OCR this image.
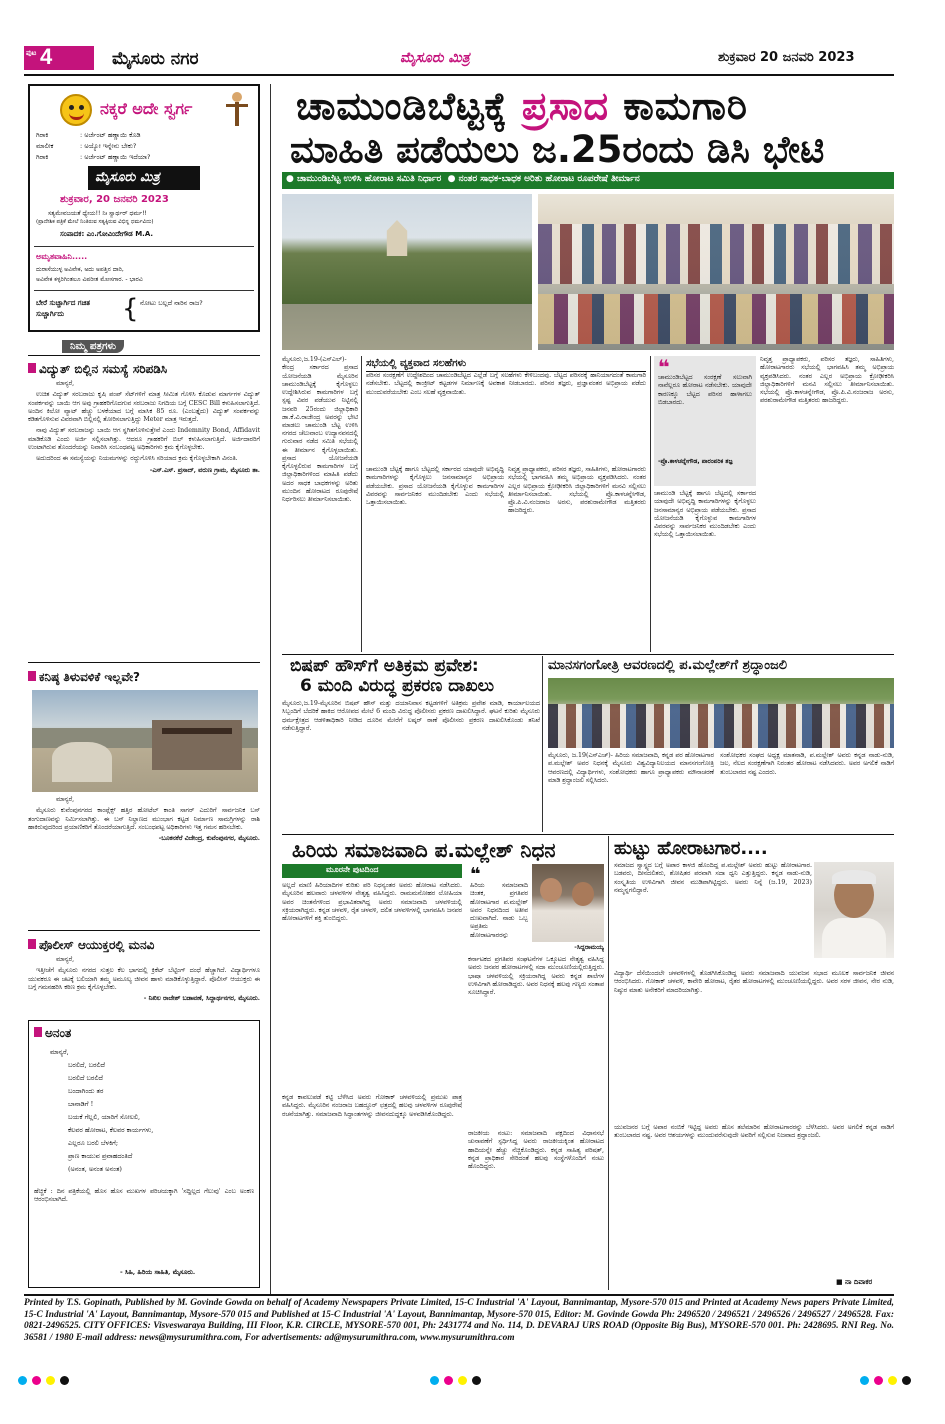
ಪುಟ 4	ಮೈಸೂರು ನಗರ	ಮೈಸೂರು ಮಿತ್ರ	ಶುಕ್ರವಾರ 20 ಜನವರಿ 2023
ನಕ್ಕರೆ ಅದೇ ಸ್ವರ್ಗ
ಗಿರಾಕಿ	: ಅರ್ಜೆಂಟ್ ಹಣ್ಣಾಯಿ ಕೊಡಿ
ಮಾಲೀಕ	: ಅಯ್ಯೋ ಇನ್ನೇನು ಬೇಕು?
ಗಿರಾಕಿ	: ಅರ್ಜೆಂಟ್ ಹಣ್ಣಾಯಿ ಇದೆಯಾ?
ಮೈಸೂರು ಮಿತ್ರ
ಶುಕ್ರವಾರ, 20 ಜನವರಿ 2023
ಸತ್ಯಮೇವಜಯತೆ ಧ್ಯೇಯ!! ನಿಃ ಸ್ವಾರ್ಥರ್ ಧರ್ಮ!!
(ಪ್ರಾದೇಶಿಕ ಪತ್ರಿಕೆ ಮೇಲೆ ನಿಂತಿರುವ ಸತ್ಯಕ್ಕಿರುವ ವಿಭಿನ್ನ ಧರ್ಮವಿದು)
ಸಂಪಾದಕ: ಎಂ.ಗೋವಿಂದೇಗೌಡ M.A.
ಅಮೃತವಾಹಿನಿ.....
ದುರಾಸೆಯುಳ್ಳ ಅವಿವೇಕ, ಅದು ಅಪತ್ತಿನ ದಾರಿ,
ಅವಿವೇಕ ಕಳ್ಳರಿಗಿಂತಲೂ ವಿಪರೀತ ಮೋಸಗಾರ. - ಭಾರವಿ
ಬೇರೆ ಸುಚ್ಚಾರ್ಗಿದ ಗಚಿತ ಸುಚ್ಚಾರ್ಗಿದು	{ ನೋಟು ಬಲ್ಲದೆ ನಾರಿನ ರಾಜ?
ನಿಮ್ಮ ಪತ್ರಗಳು
ವಿದ್ಯುತ್ ಬಿಲ್ಲಿನ ಸಮಸ್ಯೆ ಸರಿಪಡಿಸಿ

ಮಾನ್ಯರೆ,

ಉಚಿತ ವಿದ್ಯುತ್ ಸರಬರಾಜು ಕೃಷಿ ಪಂಪ್ ಸೆಟ್‌ಗಳಿಗೆ ಮಾತ್ರ ಸೀಮಿತ ಗೊಳಿಸಿ ಕೊಡುವ ಮಾರ್ಗಗಳ ವಿದ್ಯುತ್ ಸಂಪರ್ಕವನ್ನು ಬಾಯಿ ಆಗ ಅವು ಗ್ರಾಹಕರಿಗೊದಗುವ ಸರಬರಾಜು ನಿಗದಿಯ ಬಗ್ಗೆ CESC Bill ಕಳುಹಿಸಲಾಗುತ್ತಿದೆ. ಅಂದಿನ ಕಿಲೋ ವ್ಯಾಟ್ ಹೆಚ್ಚು ಬಳಕೆಯಾದ ಬಗ್ಗೆ ಮಾಸಿಕ 85 ರೂ. (ಎಂಬತ್ತೈದು) ವಿದ್ಯುತ್ ಸಂಪರ್ಕವನ್ನು ಕಡಿತಗೊಳಿಸುವ ವಿವರವಾಗಿ ಬಿಲ್ಲಿನಲ್ಲಿ ತೋರಿಸಲಾಗುತ್ತಿದ್ದು Meter ಮಾತ್ರ ಇರುತ್ತದೆ.

ನಾವು ವಿದ್ಯುತ್ ಸರಬರಾಜನ್ನು ಬಾಯಿ ಆಗ ಸ್ಥಗಿತಗೊಳಿಸುತ್ತೇವೆ ಎಂದು Indemnity Bond, Affidavit ಮಾಡಿಕೊಡಿ ಎಂದು ಅರ್ಜಿ ಸಲ್ಲಿಸಲಾಗಿತ್ತು. ಆದರೂ ಗ್ರಾಹಕರಿಗೆ ಬಿಲ್ ಕಳುಹಿಸಲಾಗುತ್ತಿದೆ. ಅರ್ಜಿದಾರರಿಗೆ ಉಂಟಾಗಿರುವ ತೊಂದರೆಯನ್ನು ನಿವಾರಿಸಿ ಸಂಬಂಧಪಟ್ಟ ಅಧಿಕಾರಿಗಳು ಕ್ರಮ ಕೈಗೊಳ್ಳಬೇಕು.

ಅದುದರಿಂದ ಈ ಸಮಸ್ಯೆಯನ್ನು ನಿಯಮಗಳನ್ನು ರದ್ದುಗೊಳಿಸಿ ಸರಿಯಾದ ಕ್ರಮ ಕೈಗೊಳ್ಳಬೇಕಾಗಿ ವಿನಂತಿ.

-ಎಸ್.ಎಸ್. ಪ್ರಸಾದ್, ವರುಣ ಗ್ರಾಮ, ಮೈಸೂರು ತಾ.

ಕನಿಷ್ಠ ತಿಳುವಳಿಕೆ ಇಲ್ಲವೇ?

ಮಾನ್ಯರೆ,

ಮೈಸೂರು ಕುವೆಂಪುನಗರದ ಕಾಂಪ್ಲೆಕ್ಸ್ ಹತ್ತಿರ ಹೋಟೆಲ್ ಕಾಂತಿ ಸಾಗರ್ ಎದುರಿಗೆ ಸಾರ್ವಜನಿಕ ಬಸ್ ತಂಗುದಾಣವನ್ನು ನಿರ್ಮಿಸಲಾಗಿತ್ತು. ಈ ಬಸ್ ನಿಲ್ದಾಣದ ಮುಂಭಾಗ ಕಟ್ಟಡ ನಿರ್ಮಾಣ ಸಾಮಗ್ರಿಗಳನ್ನು ರಾಶಿ ಹಾಕಿರುವುದರಿಂದ ಪ್ರಯಾಣಿಕರಿಗೆ ತೊಂದರೆಯಾಗುತ್ತಿದೆ. ಸಂಬಂಧಪಟ್ಟ ಅಧಿಕಾರಿಗಳು ಇತ್ತ ಗಮನ ಹರಿಸಬೇಕು.

-ಬೂಕನಕೆರೆ ವಿಜೇಂದ್ರ, ಕುವೆಂಪುನಗರ, ಮೈಸೂರು.

ಪೊಲೀಸ್ ಆಯುಕ್ತರಲ್ಲಿ ಮನವಿ

ಮಾನ್ಯರೆ,

ಇತ್ತೀಚೆಗೆ ಮೈಸೂರು ನಗರದ ಸುತ್ತಲ ಕೆಲ ಭಾಗದಲ್ಲಿ ಕ್ರಿಕೆಟ್ ಬೆಟ್ಟಿಂಗ್ ದಂಧೆ ಹೆಚ್ಚಾಗಿದೆ. ವಿದ್ಯಾರ್ಥಿಗಳೂ ಯುವಕರೂ ಈ ಚಟಕ್ಕೆ ಬಲಿಯಾಗಿ ತಮ್ಮ ಅಮೂಲ್ಯ ಜೀವನ ಹಾಳು ಮಾಡಿಕೊಳ್ಳುತ್ತಿದ್ದಾರೆ. ಪೊಲೀಸ್ ಆಯುಕ್ತರು ಈ ಬಗ್ಗೆ ಗಮನಹರಿಸಿ ಕಠಿಣ ಕ್ರಮ ಕೈಗೊಳ್ಳಬೇಕು.

- ನಿಖಿಲ ರಾಜೇಶ್ ಬಡಾವಣೆ, ಸಿದ್ದಾರ್ಥನಗರ, ಮೈಸೂರು.

ಅನಂತ
ಮಾನ್ಯರೆ,
ಬರಲಿದೆ, ಬರಲಿದೆ
ಬರಲಿದೆ ಬರಲಿದೆ
ಬಂದಾಗಿಂದು ತರ
ಬಾನಾಡಿಗೆ !
ಬಯಕೆ ಗೆಲ್ಲಲಿ, ಯಾರಿಗೆ ಸೋಲಲಿ,
ಕೆಲವರ ಹೋರಾಟ, ಕೆಲವರ ಕಾರ್ಯಗಳು,
ಎಲ್ಲರೂ ಬರಲಿ ಬೆಳಕಿಗೆ;
ಪ್ರಾಣ ಕಾಯುವ ಪ್ರವಾಹದಂತಿದೆ
(ಅನಂತ, ಅನಂತ ಅನಂತ)
ಹೆಚ್ಚಿಕೆ : ದಿನ ಪತ್ರಿಕೆಯಲ್ಲಿ ಹೊಸ ಹೊಸ ಮುಖಗಳ ಪರಿಚಯಕ್ಕಾಗಿ 'ಸದ್ದಿಲ್ಲದ ಗೆಲುವು' ಎಂಬ ಅಂಕಣ ಆರಂಭಿಸಲಾಗಿದೆ.
- ಸಿಹಿ, ಹಿರಿಯ ಸಾಹಿತಿ, ಮೈಸೂರು.
ಚಾಮುಂಡಿಬೆಟ್ಟಕ್ಕೆ ಪ್ರಸಾದ ಕಾಮಗಾರಿ
ಮಾಹಿತಿ ಪಡೆಯಲು ಜ.25ರಂದು ಡಿಸಿ ಭೇಟಿ
● ಚಾಮುಂಡಿಬೆಟ್ಟ ಉಳಿಸಿ ಹೋರಾಟ ಸಮಿತಿ ನಿರ್ಧಾರ ● ನಂತರ ಸಾಧಕ-ಬಾಧಕ ಅರಿತು ಹೋರಾಟ ರೂಪರೇಷೆ ತೀರ್ಮಾನ
ಮೈಸೂರು,ಜ.19-(ಎಸ್‌ಎಲ್)- ಕೇಂದ್ರ ಸರ್ಕಾರದ ಪ್ರಸಾದ ಯೋಜನೆಯಡಿ ಮೈಸೂರಿನ ಚಾಮುಂಡಿಬೆಟ್ಟಕ್ಕೆ ಕೈಗೊಳ್ಳಲು ಉದ್ದೇಶಿಸಿರುವ ಕಾಮಗಾರಿಗಳ ಬಗ್ಗೆ ಸ್ಪಷ್ಟ ವಿವರ ಪಡೆಯುವ ನಿಟ್ಟಿನಲ್ಲಿ ಜನವರಿ 25ರಂದು ಜಿಲ್ಲಾಧಿಕಾರಿ ಡಾ.ಕೆ.ವಿ.ರಾಜೇಂದ್ರ ಅವರನ್ನು ಭೇಟಿ ಮಾಡಲು ಚಾಮುಂಡಿ ಬೆಟ್ಟ ಉಳಿಸಿ
ನಗರದ ಚೆಲುವಾಂಬ ಉದ್ಯಾನವನದಲ್ಲಿ ಗುರುವಾರ ನಡೆದ ಸಮಿತಿ ಸಭೆಯಲ್ಲಿ ಈ ತೀರ್ಮಾನ ಕೈಗೊಳ್ಳಲಾಯಿತು. ಪ್ರಸಾದ ಯೋಜನೆಯಡಿ ಕೈಗೊಳ್ಳಲಿರುವ ಕಾಮಗಾರಿಗಳ ಬಗ್ಗೆ ಜಿಲ್ಲಾಧಿಕಾರಿಗಳಿಂದ ಮಾಹಿತಿ ಪಡೆದು ಅದರ ಸಾಧಕ ಬಾಧಕಗಳನ್ನು ಅರಿತು ಮುಂದಿನ ಹೋರಾಟದ ರೂಪುರೇಷೆ ನಿರ್ಧರಿಸಲು ತೀರ್ಮಾನಿಸಲಾಯಿತು.
ಸಭೆಯಲ್ಲಿ ವ್ಯಕ್ತವಾದ ಸಲಹೆಗಳು
ಪರಿಸರ ಸಂರಕ್ಷಣೆಗೆ ಉದ್ದೇಶದಿಂದ ಚಾಮುಂಡಿಬೆಟ್ಟದ ಎಲ್ಲೆಡೆ ಬಗ್ಗೆ ಸಲಹೆಗಳು ಕೇಳಿಬಂದವು. ಬೆಟ್ಟದ ಪರಿಸರಕ್ಕೆ ಹಾನಿಯಾಗದಂತೆ ಕಾಮಗಾರಿ ನಡೆಸಬೇಕು. ಬೆಟ್ಟದಲ್ಲಿ ಕಾಂಕ್ರೀಟ್ ಕಟ್ಟಡಗಳ ನಿರ್ಮಾಣಕ್ಕೆ ಅವಕಾಶ ನೀಡಬಾರದು. ಪರಿಸರ ತಜ್ಞರು, ಪ್ರಜ್ಞಾವಂತರ ಅಭಿಪ್ರಾಯ ಪಡೆದು ಮುಂದುವರೆಯಬೇಕು ಎಂಬ ಸಲಹೆ ವ್ಯಕ್ತವಾಯಿತು.
ಚಾಮುಂಡಿ ಬೆಟ್ಟಕ್ಕೆ ಹಾಗೂ ಬೆಟ್ಟದಲ್ಲಿ ಸರ್ಕಾರದ ಯಾವುದೇ ಅಭಿವೃದ್ಧಿ ಕಾಮಗಾರಿಗಳನ್ನು ಕೈಗೊಳ್ಳಲು ಜನಸಾಮಾನ್ಯರ ಅಭಿಪ್ರಾಯ ಪಡೆಯಬೇಕು. ಪ್ರಸಾದ ಯೋಜನೆಯಡಿ ಕೈಗೊಳ್ಳುವ ಕಾಮಗಾರಿಗಳ ವಿವರವನ್ನು ಸಾರ್ವಜನಿಕರ ಮುಂದಿಡಬೇಕು ಎಂದು ಸಭೆಯಲ್ಲಿ ಒತ್ತಾಯಿಸಲಾಯಿತು.
ನಿವೃತ್ತ ಪ್ರಾಧ್ಯಾಪಕರು, ಪರಿಸರ ತಜ್ಞರು, ಸಾಹಿತಿಗಳು, ಹೋರಾಟಗಾರರು ಸಭೆಯಲ್ಲಿ ಭಾಗವಹಿಸಿ ತಮ್ಮ ಅಭಿಪ್ರಾಯ ವ್ಯಕ್ತಪಡಿಸಿದರು. ನಂತರ ಎಲ್ಲರ ಅಭಿಪ್ರಾಯ ಕ್ರೋಢೀಕರಿಸಿ ಜಿಲ್ಲಾಧಿಕಾರಿಗಳಿಗೆ ಮನವಿ ಸಲ್ಲಿಸಲು ತೀರ್ಮಾನಿಸಲಾಯಿತು. ಸಭೆಯಲ್ಲಿ ಪ್ರೊ.ಕಾಳಚನ್ನೇಗೌಡ, ಪ್ರೊ.ಪಿ.ವಿ.ನಂಜರಾಜ ಅರಸು, ಪರಶುರಾಮೇಗೌಡ ಮತ್ತಿತರರು ಹಾಜರಿದ್ದರು.
❝
ಚಾಮುಂಡಿಬೆಟ್ಟದ ಸಂರಕ್ಷಣೆ ಸಲುವಾಗಿ ನಾವೆಲ್ಲರೂ ಹೋರಾಟ ನಡೆಸಬೇಕು. ಯಾವುದೇ ಕಾರಣಕ್ಕೂ ಬೆಟ್ಟದ ಪರಿಸರ ಹಾಳಾಗಲು ಬಿಡಬಾರದು.
-ಪ್ರೊ.ಕಾಳಚನ್ನೇಗೌಡ, ಪಾರಂಪರಿಕ ತಜ್ಞ
ಚಾಮುಂಡಿ ಬೆಟ್ಟಕ್ಕೆ ಹಾಗೂ ಬೆಟ್ಟದಲ್ಲಿ ಸರ್ಕಾರದ ಯಾವುದೇ ಅಭಿವೃದ್ಧಿ ಕಾಮಗಾರಿಗಳನ್ನು ಕೈಗೊಳ್ಳಲು ಜನಸಾಮಾನ್ಯರ ಅಭಿಪ್ರಾಯ ಪಡೆಯಬೇಕು. ಪ್ರಸಾದ ಯೋಜನೆಯಡಿ ಕೈಗೊಳ್ಳುವ ಕಾಮಗಾರಿಗಳ ವಿವರವನ್ನು ಸಾರ್ವಜನಿಕರ ಮುಂದಿಡಬೇಕು ಎಂದು ಸಭೆಯಲ್ಲಿ ಒತ್ತಾಯಿಸಲಾಯಿತು.
ನಿವೃತ್ತ ಪ್ರಾಧ್ಯಾಪಕರು, ಪರಿಸರ ತಜ್ಞರು, ಸಾಹಿತಿಗಳು, ಹೋರಾಟಗಾರರು ಸಭೆಯಲ್ಲಿ ಭಾಗವಹಿಸಿ ತಮ್ಮ ಅಭಿಪ್ರಾಯ ವ್ಯಕ್ತಪಡಿಸಿದರು. ನಂತರ ಎಲ್ಲರ ಅಭಿಪ್ರಾಯ ಕ್ರೋಢೀಕರಿಸಿ ಜಿಲ್ಲಾಧಿಕಾರಿಗಳಿಗೆ ಮನವಿ ಸಲ್ಲಿಸಲು ತೀರ್ಮಾನಿಸಲಾಯಿತು. ಸಭೆಯಲ್ಲಿ ಪ್ರೊ.ಕಾಳಚನ್ನೇಗೌಡ, ಪ್ರೊ.ಪಿ.ವಿ.ನಂಜರಾಜ ಅರಸು, ಪರಶುರಾಮೇಗೌಡ ಮತ್ತಿತರರು ಹಾಜರಿದ್ದರು.
ಬಿಷಪ್ ಹೌಸ್‌ಗೆ ಅತಿಕ್ರಮ ಪ್ರವೇಶ:
6 ಮಂದಿ ವಿರುದ್ಧ ಪ್ರಕರಣ ದಾಖಲು
ಮೈಸೂರು,ಜ.19-ಮೈಸೂರಿನ ಬಿಷಪ್ ಹೌಸ್ ಮತ್ತು ದಯಾನಿವಾಸ ಕಟ್ಟಡಗಳಿಗೆ ಅತಿಕ್ರಮ ಪ್ರವೇಶ ಮಾಡಿ, ಕಾರ್ಯಾಲಯದ ಸಿಬ್ಬಂದಿಗೆ ಬೆದರಿಕೆ ಹಾಕಿದ ಆರೋಪದ ಮೇಲೆ 6 ಮಂದಿ ವಿರುದ್ಧ ಪೊಲೀಸರು ಪ್ರಕರಣ ದಾಖಲಿಸಿದ್ದಾರೆ. ಘಟನೆ ಕುರಿತು ಮೈಸೂರು ಧರ್ಮಕ್ಷೇತ್ರದ ಆಡಳಿತಾಧಿಕಾರಿ ನೀಡಿದ ದೂರಿನ ಮೇರೆಗೆ ಲಷ್ಕರ್ ಠಾಣೆ ಪೊಲೀಸರು ಪ್ರಕರಣ ದಾಖಲಿಸಿಕೊಂಡು ತನಿಖೆ ನಡೆಸುತ್ತಿದ್ದಾರೆ.
ಮಾನಸಗಂಗೋತ್ರಿ ಆವರಣದಲ್ಲಿ ಪ.ಮಲ್ಲೇಶ್‌ಗೆ ಶ್ರದ್ಧಾಂಜಲಿ
ಮೈಸೂರು, ಜ.19(ಎಸ್‌ಎಚ್)- ಹಿರಿಯ ಸಮಾಜವಾದಿ, ಕನ್ನಡ ಪರ ಹೋರಾಟಗಾರ ಪ.ಮಲ್ಲೇಶ್ ಅವರ ನಿಧನಕ್ಕೆ ಮೈಸೂರು ವಿಶ್ವವಿದ್ಯಾನಿಲಯದ ಮಾನಸಗಂಗೋತ್ರಿ ಆವರಣದಲ್ಲಿ ವಿದ್ಯಾರ್ಥಿಗಳು, ಸಂಶೋಧಕರು ಹಾಗೂ ಪ್ರಾಧ್ಯಾಪಕರು ಮೌನಾಚರಣೆ ಮಾಡಿ ಶ್ರದ್ಧಾಂಜಲಿ ಸಲ್ಲಿಸಿದರು.
ಸಂಶೋಧಕರ ಸಂಘದ ಅಧ್ಯಕ್ಷ ಮಾತನಾಡಿ, ಪ.ಮಲ್ಲೇಶ್ ಅವರು ಕನ್ನಡ ನಾಡು-ನುಡಿ, ಜಲ, ನೆಲದ ಸಂರಕ್ಷಣೆಗಾಗಿ ನಿರಂತರ ಹೋರಾಟ ನಡೆಸಿದವರು. ಅವರ ಅಗಲಿಕೆ ನಾಡಿಗೆ ತುಂಬಲಾರದ ನಷ್ಟ ಎಂದರು.
ಹಿರಿಯ ಸಮಾಜವಾದಿ ಪ.ಮಲ್ಲೇಶ್ ನಿಧನ
ಮೂರನೇ ಪುಟದಿಂದ
ಅಲ್ಲದೆ ಮಾಣಿ ಹಿರಿಯಾದಿಗಳ ಕುರಿತು ಪರಿ ನಿಧನ್ಯಂತರ ಅವರು ಹೋರಾಟ ನಡೆಸಿದರು. ಮೈಸೂರಿನ ಹಲವಾರು ಚಳವಳಿಗಳ ನೇತೃತ್ವ ವಹಿಸಿದ್ದರು. ರಾಮಮನೋಹರ ಲೋಹಿಯಾ ಅವರ ಚಿಂತನೆಗಳಿಂದ ಪ್ರಭಾವಿತರಾಗಿದ್ದ ಅವರು ಸಮಾಜವಾದಿ ಚಳವಳಿಯಲ್ಲಿ ಸಕ್ರಿಯರಾಗಿದ್ದರು. ಕನ್ನಡ ಚಳವಳಿ, ರೈತ ಚಳವಳಿ, ದಲಿತ ಚಳವಳಿಗಳಲ್ಲಿ ಭಾಗವಹಿಸಿ ಜನಪರ ಹೋರಾಟಗಳಿಗೆ ಶಕ್ತಿ ತುಂಬಿದ್ದರು.
ಕನ್ನಡ ಕಾವಲುಪಡೆ ಕಟ್ಟಿ ಬೆಳೆಸಿದ ಅವರು ಗೋಕಾಕ್ ಚಳವಳಿಯಲ್ಲಿ ಪ್ರಮುಖ ಪಾತ್ರ ವಹಿಸಿದ್ದರು. ಮೈಸೂರಿನ ನಂಜರಾಜ ಬಹದ್ದೂರ್ ಛತ್ರದಲ್ಲಿ ಹಲವು ಚಳವಳಿಗಳ ರೂಪುರೇಷೆ ರಚನೆಯಾಗಿತ್ತು. ಸಮಾಜವಾದಿ ಸಿದ್ಧಾಂತಗಳನ್ನು ಜೀವನದುದ್ದಕ್ಕೂ ಅಳವಡಿಸಿಕೊಂಡಿದ್ದರು.
❝
ಹಿರಿಯ ಸಮಾಜವಾದಿ ಚಿಂತಕ, ಪ್ರಗತಿಪರ ಹೋರಾಟಗಾರ ಪ.ಮಲ್ಲೇಶ್ ಅವರ ನಿಧನದಿಂದ ಅತೀವ ದುಃಖವಾಗಿದೆ. ನಾಡು ಒಬ್ಬ ಅಪ್ರತಿಮ ಹೋರಾಟಗಾರರನ್ನು
-ಸಿದ್ದರಾಮಯ್ಯ
ಕರ್ನಾಟಕದ ಪ್ರಗತಿಪರ ಸಂಘಟನೆಗಳ ಒಕ್ಕೂಟದ ನೇತೃತ್ವ ವಹಿಸಿದ್ದ ಅವರು ಜನಪರ ಹೋರಾಟಗಳಲ್ಲಿ ಸದಾ ಮುಂಚೂಣಿಯಲ್ಲಿರುತ್ತಿದ್ದರು. ಭಾಷಾ ಚಳವಳಿಯಲ್ಲಿ ಸಕ್ರಿಯರಾಗಿದ್ದ ಅವರು ಕನ್ನಡ ಶಾಲೆಗಳ ಉಳಿವಿಗಾಗಿ ಹೋರಾಡಿದ್ದರು. ಅವರ ನಿಧನಕ್ಕೆ ಹಲವು ಗಣ್ಯರು ಸಂತಾಪ ಸೂಚಿಸಿದ್ದಾರೆ.
ರಾಜಕೀಯ ನಂಟು: ಸಮಾಜವಾದಿ ಪಕ್ಷದಿಂದ ವಿಧಾನಸಭೆ ಚುನಾವಣೆಗೆ ಸ್ಪರ್ಧಿಸಿದ್ದ ಅವರು ರಾಜಕೀಯಕ್ಕಿಂತ ಹೋರಾಟದ ಹಾದಿಯನ್ನೇ ಹೆಚ್ಚು ನೆಚ್ಚಿಕೊಂಡಿದ್ದರು. ಕನ್ನಡ ಸಾಹಿತ್ಯ ಪರಿಷತ್, ಕನ್ನಡ ಪ್ರಾಧಿಕಾರ ಸೇರಿದಂತೆ ಹಲವು ಸಂಸ್ಥೆಗಳೊಂದಿಗೆ ನಂಟು ಹೊಂದಿದ್ದರು.
ಹುಟ್ಟು ಹೋರಾಟಗಾರ....
ಸಮಾಜದ ಸ್ವಾಸ್ಥ್ಯದ ಬಗ್ಗೆ ಅಪಾರ ಕಾಳಜಿ ಹೊಂದಿದ್ದ ಪ.ಮಲ್ಲೇಶ್ ಅವರು ಹುಟ್ಟು ಹೋರಾಟಗಾರ. ಬಡವರು, ದೀನದಲಿತರು, ಶೋಷಿತರ ಪರವಾಗಿ ಸದಾ ಧ್ವನಿ ಎತ್ತುತ್ತಿದ್ದರು. ಕನ್ನಡ ನಾಡು-ನುಡಿ, ಸಂಸ್ಕೃತಿಯ ಉಳಿವಿಗಾಗಿ ಜೀವನ ಮುಡಿಪಾಗಿಟ್ಟಿದ್ದರು. ಅವರು ನಿನ್ನೆ (ಜ.19, 2023) ನಮ್ಮನ್ನಗಲಿದ್ದಾರೆ.
ವಿದ್ಯಾರ್ಥಿ ದೆಸೆಯಿಂದಲೇ ಚಳವಳಿಗಳಲ್ಲಿ ತೊಡಗಿಸಿಕೊಂಡಿದ್ದ ಅವರು ಸಮಾಜವಾದಿ ಯುವಜನ ಸಭಾದ ಮೂಲಕ ಸಾರ್ವಜನಿಕ ಜೀವನ ಆರಂಭಿಸಿದರು. ಗೋಕಾಕ್ ಚಳವಳಿ, ಕಾವೇರಿ ಹೋರಾಟ, ರೈತರ ಹೋರಾಟಗಳಲ್ಲಿ ಮುಂಚೂಣಿಯಲ್ಲಿದ್ದರು. ಅವರ ಸರಳ ಜೀವನ, ನೇರ ನುಡಿ, ನಿಷ್ಠುರ ಮಾತು ಅನೇಕರಿಗೆ ಮಾದರಿಯಾಗಿತ್ತು.
ಯುವಜನರ ಬಗ್ಗೆ ಅಪಾರ ನಂಬಿಕೆ ಇಟ್ಟಿದ್ದ ಅವರು ಹೊಸ ತಲೆಮಾರಿನ ಹೋರಾಟಗಾರರನ್ನು ಬೆಳೆಸಿದರು. ಅವರ ಅಗಲಿಕೆ ಕನ್ನಡ ನಾಡಿಗೆ ತುಂಬಲಾರದ ನಷ್ಟ. ಅವರ ಆಶಯಗಳನ್ನು ಮುಂದುವರೆಸುವುದೇ ಅವರಿಗೆ ಸಲ್ಲಿಸುವ ನಿಜವಾದ ಶ್ರದ್ಧಾಂಜಲಿ.
■ ನಾ ದಿವಾಕರ
Printed by T.S. Gopinath, Published by M. Govinde Gowda on behalf of Academy Newspapers Private Limited, 15-C Industrial 'A' Layout, Bannimantap, Mysore-570 015 and Printed at Academy News papers Private Limited, 15-C Industrial 'A' Layout, Bannimantap, Mysore-570 015 and Published at 15-C Industrial 'A' Layout, Bannimantap, Mysore-570 015, Editor: M. Govinde Gowda Ph: 2496520 / 2496521 / 2496526 / 2496527 / 2496528. Fax: 0821-2496525. CITY OFFICES: Visveswaraya Building, III Floor, K.R. CIRCLE, MYSORE-570 001, Ph: 2431774 and No. 114, D. DEVARAJ URS ROAD (Opposite Big Bus), MYSORE-570 001. Ph: 2428695. RNI Reg. No. 36581 / 1980 E-mail address: news@mysurumithra.com, For advertisements: ad@mysurumithra.com, www.mysurumithra.com
